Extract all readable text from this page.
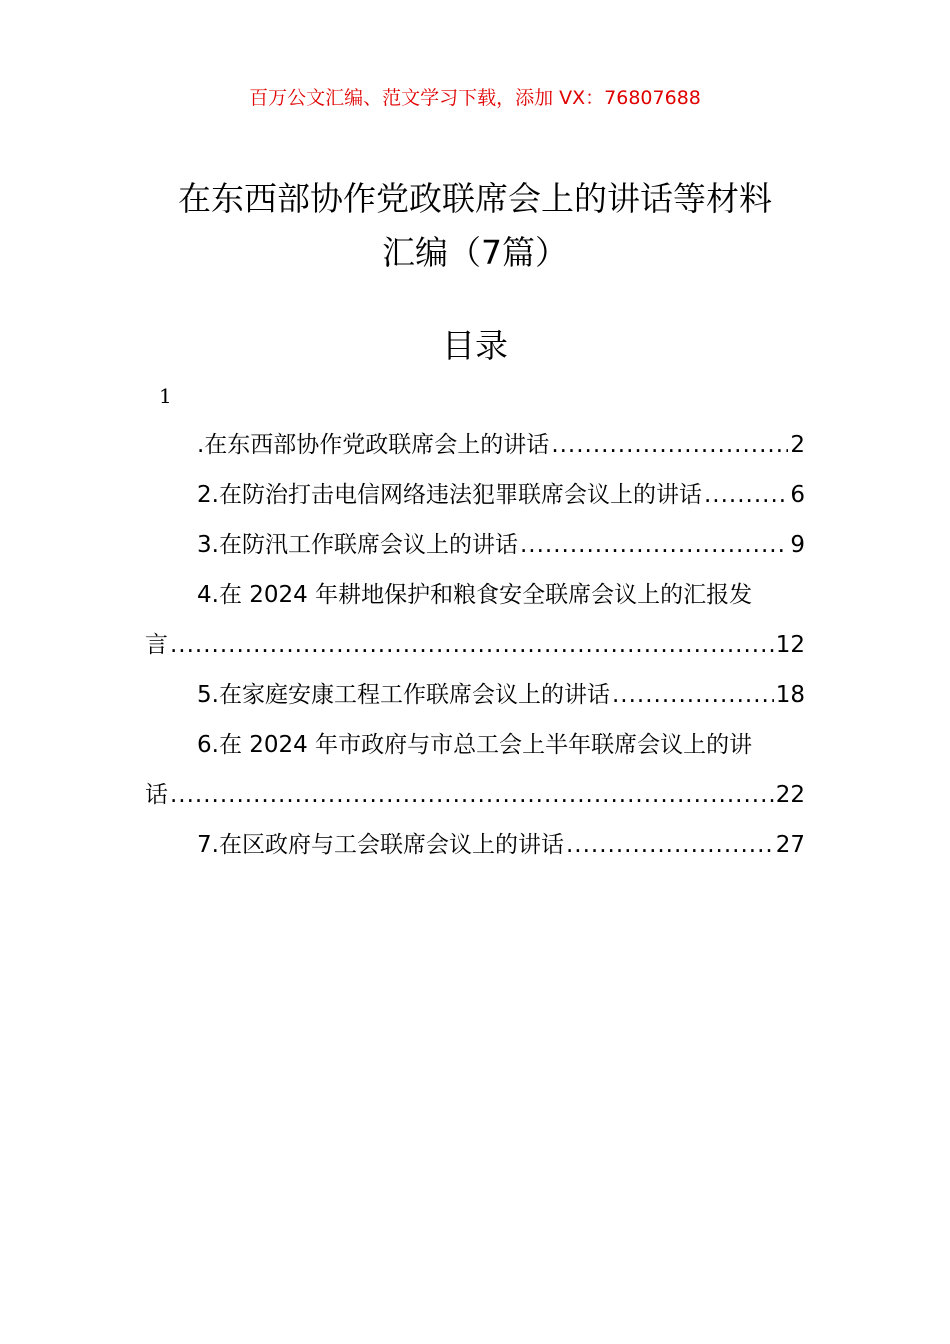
百万公文汇编、范文学习下载，添加 VX：76807688
在东西部协作党政联席会上的讲话等材料
汇编（7篇）
目录
1
.在东西部协作党政联席会上的讲话 .....	2
2.在防治打击电信网络违法犯罪联席会议上的讲话 .....	6
3.在防汛工作联席会议上的讲话 .....	9
4.在 2024 年耕地保护和粮食安全联席会议上的汇报发
言 .....	12
5.在家庭安康工程工作联席会议上的讲话 .....	18
6.在 2024 年市政府与市总工会上半年联席会议上的讲
话 .....	22
7.在区政府与工会联席会议上的讲话 .....	27
